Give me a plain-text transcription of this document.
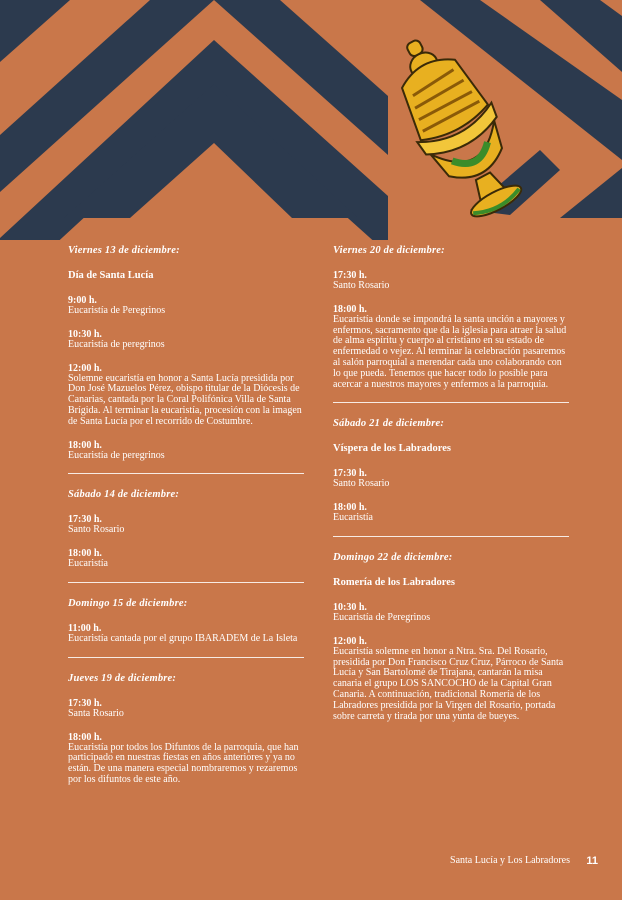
Viernes 13 de diciembre:
Día de Santa Lucía
9:00 h.
Eucaristía de Peregrinos
10:30 h.
Eucaristía de peregrinos
12:00 h.
Solemne eucaristía en honor a Santa Lucía presidida por Don José Mazuelos Pérez, obispo titular de la Diócesis de Canarias, cantada por la Coral Polifónica Villa de Santa Brígida. Al terminar la eucaristía, procesión con la imagen de Santa Lucía por el recorrido de Costumbre.
18:00 h.
Eucaristía de peregrinos
Sábado 14 de diciembre:
17:30 h.
Santo Rosario
18:00 h.
Eucaristía
Domingo 15 de diciembre:
11:00 h.
Eucaristía cantada por el grupo IBARADEM de La Isleta
Jueves 19 de diciembre:
17:30 h.
Santa Rosario
18:00 h.
Eucaristía por todos los Difuntos de la parroquia, que han participado en nuestras fiestas en años anteriores y ya no están. De una manera especial nombraremos y rezaremos por los difuntos de este año.
Viernes 20 de diciembre:
17:30 h.
Santo Rosario
18:00 h.
Eucaristía donde se impondrá la santa unción a mayores y enfermos, sacramento que da la iglesia para atraer la salud de alma espíritu y cuerpo al cristiano en su estado de enfermedad o vejez. Al terminar la celebración pasaremos al salón parroquial a merendar cada uno colaborando con lo que pueda. Tenemos que hacer todo lo posible para acercar a nuestros mayores y enfermos a la parroquia.
Sábado 21 de diciembre:
Víspera de los Labradores
17:30 h.
Santo Rosario
18:00 h.
Eucaristía
Domingo 22 de diciembre:
Romería de los Labradores
10:30 h.
Eucaristía de Peregrinos
12:00 h.
Eucaristía solemne en honor a Ntra. Sra. Del Rosario, presidida por Don Francisco Cruz Cruz, Párroco de Santa Lucía y San Bartolomé de Tirajana, cantarán la misa canaria el grupo LOS SANCOCHO de la Capital Gran Canaria. A continuación, tradicional Romería de los Labradores presidida por la Virgen del Rosario, portada sobre carreta y tirada por una yunta de bueyes.
Santa Lucía y Los Labradores 11
